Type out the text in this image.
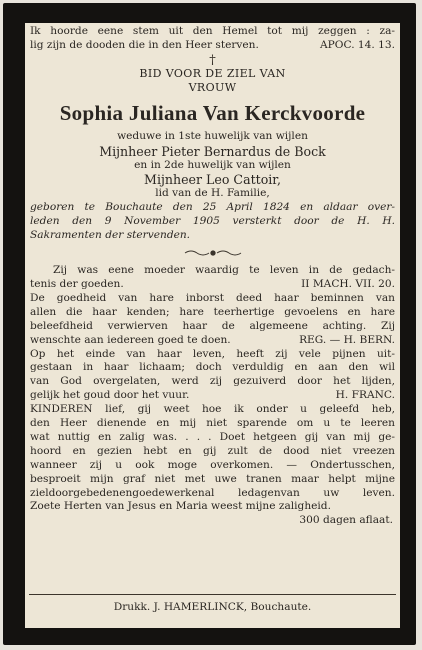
Ik hoorde eene stem uit den Hemel tot mij zeggen : za-
lig zijn de dooden die in den Heer sterven.	APOC. 14. 13.
†
BID VOOR DE ZIEL VAN
VROUW
Sophia Juliana Van Kerckvoorde
weduwe in 1ste huwelijk van wijlen
Mijnheer Pieter Bernardus de Bock
en in 2de huwelijk van wijlen
Mijnheer Leo Cattoir,
lid van de H. Familie,
geboren te Bouchaute den 25 April 1824 en aldaar over-
leden den 9 November 1905 versterkt door de H. H.
Sakramenten der stervenden.
Zij was eene moeder waardig te leven in de gedach-
tenis der goeden.	II MACH. VII. 20.
De goedheid van hare inborst deed haar beminnen van
allen die haar kenden; hare teerhertige gevoelens en hare
beleefdheid verwierven haar de algemeene achting. Zij
wenschte aan iedereen goed te doen.	REG. — H. BERN.
Op het einde van haar leven, heeft zij vele pijnen uit-
gestaan in haar lichaam; doch verduldig en aan den wil
van God overgelaten, werd zij gezuiverd door het lijden,
gelijk het goud door het vuur.	H. FRANC.
KINDEREN lief, gij weet hoe ik onder u geleefd heb,
den Heer dienende en mij niet sparende om u te leeren
wat nuttig en zalig was. . . . Doet hetgeen gij van mij ge-
hoord en gezien hebt en gij zult de dood niet vreezen
wanneer zij u ook moge overkomen. — Ondertusschen,
besproeit mijn graf niet met uwe tranen maar helpt mijne
zieldoorgebedenengoedewerkenal ledagenvan uw leven.
Zoete Herten van Jesus en Maria weest mijne zaligheid.
300 dagen aflaat.
Drukk. J. HAMERLINCK, Bouchaute.
